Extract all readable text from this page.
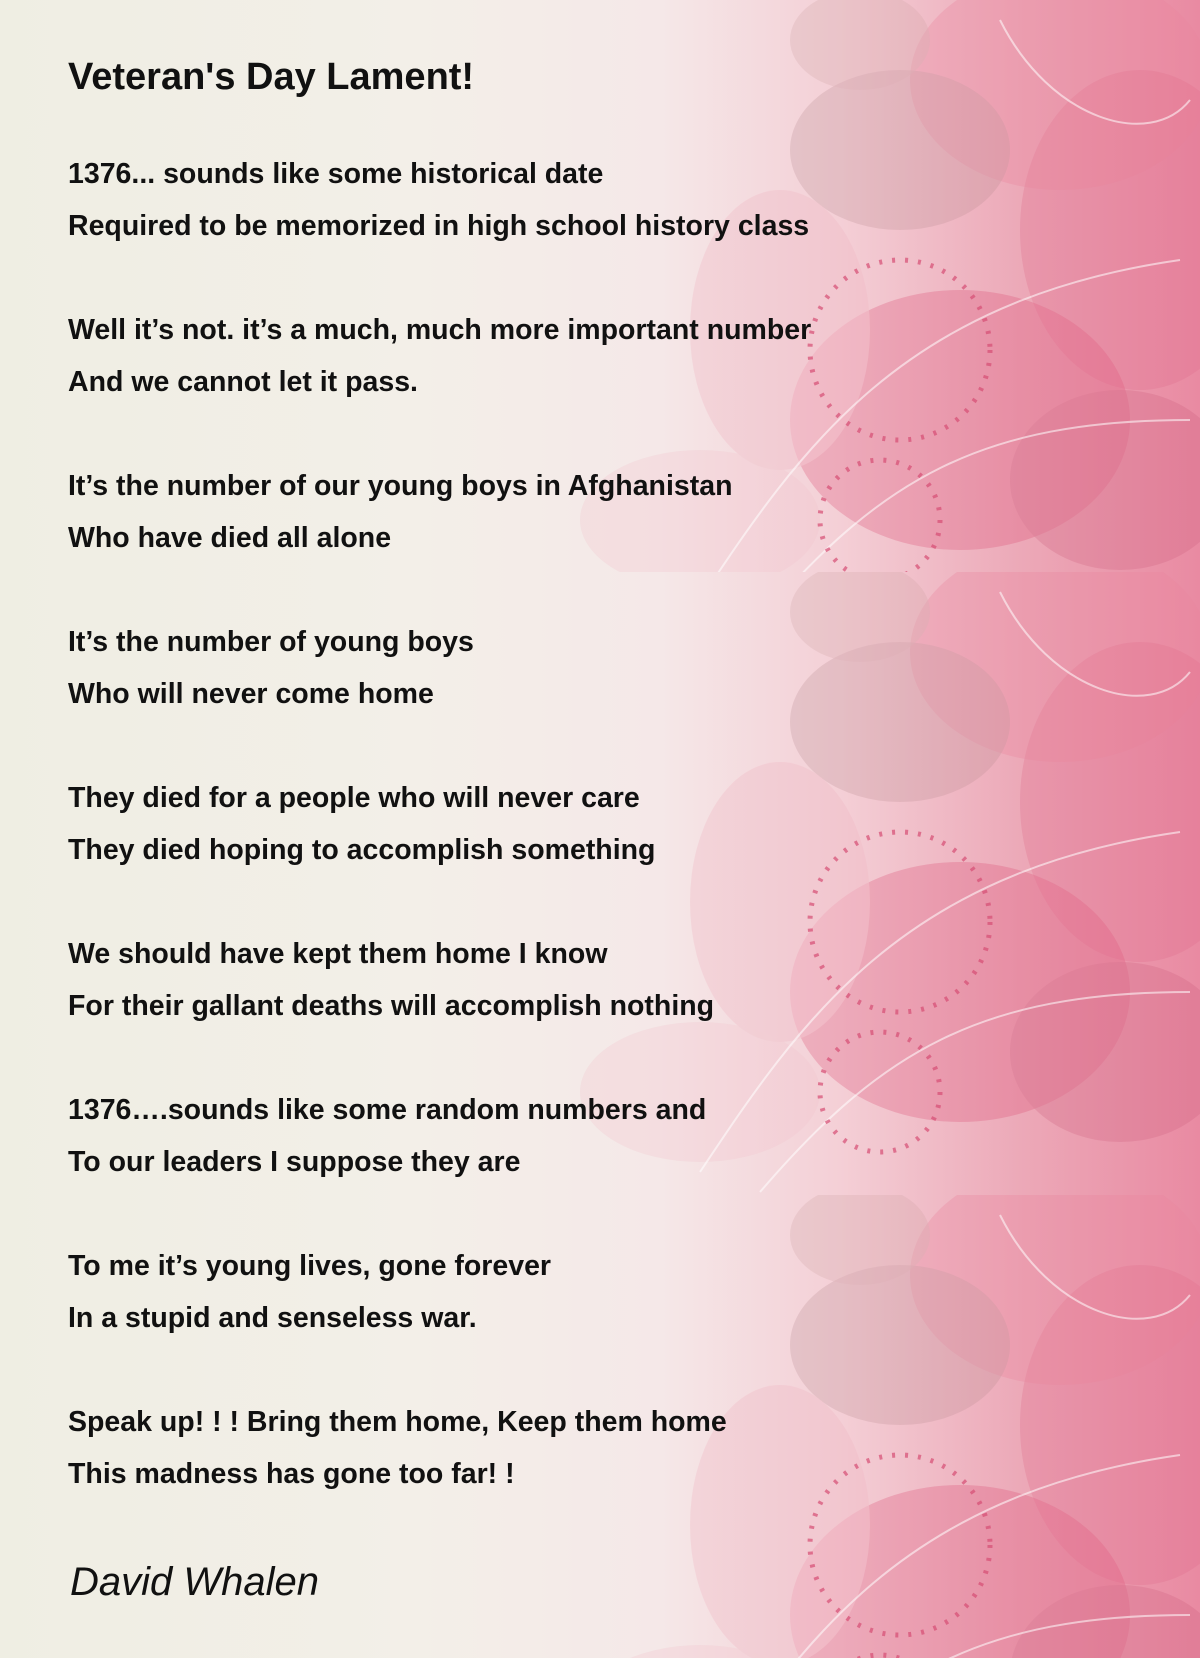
Veteran's Day Lament!
1376... sounds like some historical date
Required to be memorized in high school history class
Well it’s not. it’s a much, much more important number
And we cannot let it pass.
It’s the number of our young boys in Afghanistan
Who have died all alone
It’s the number of young boys
Who will never come home
They died for a people who will never care
They died hoping to accomplish something
We should have kept them home I know
For their gallant deaths will accomplish nothing
1376….sounds like some random numbers and
To our leaders I suppose they are
To me it’s young lives, gone forever
In a stupid and senseless war.
Speak up! ! ! Bring them home, Keep them home
This madness has gone too far! !
David Whalen
